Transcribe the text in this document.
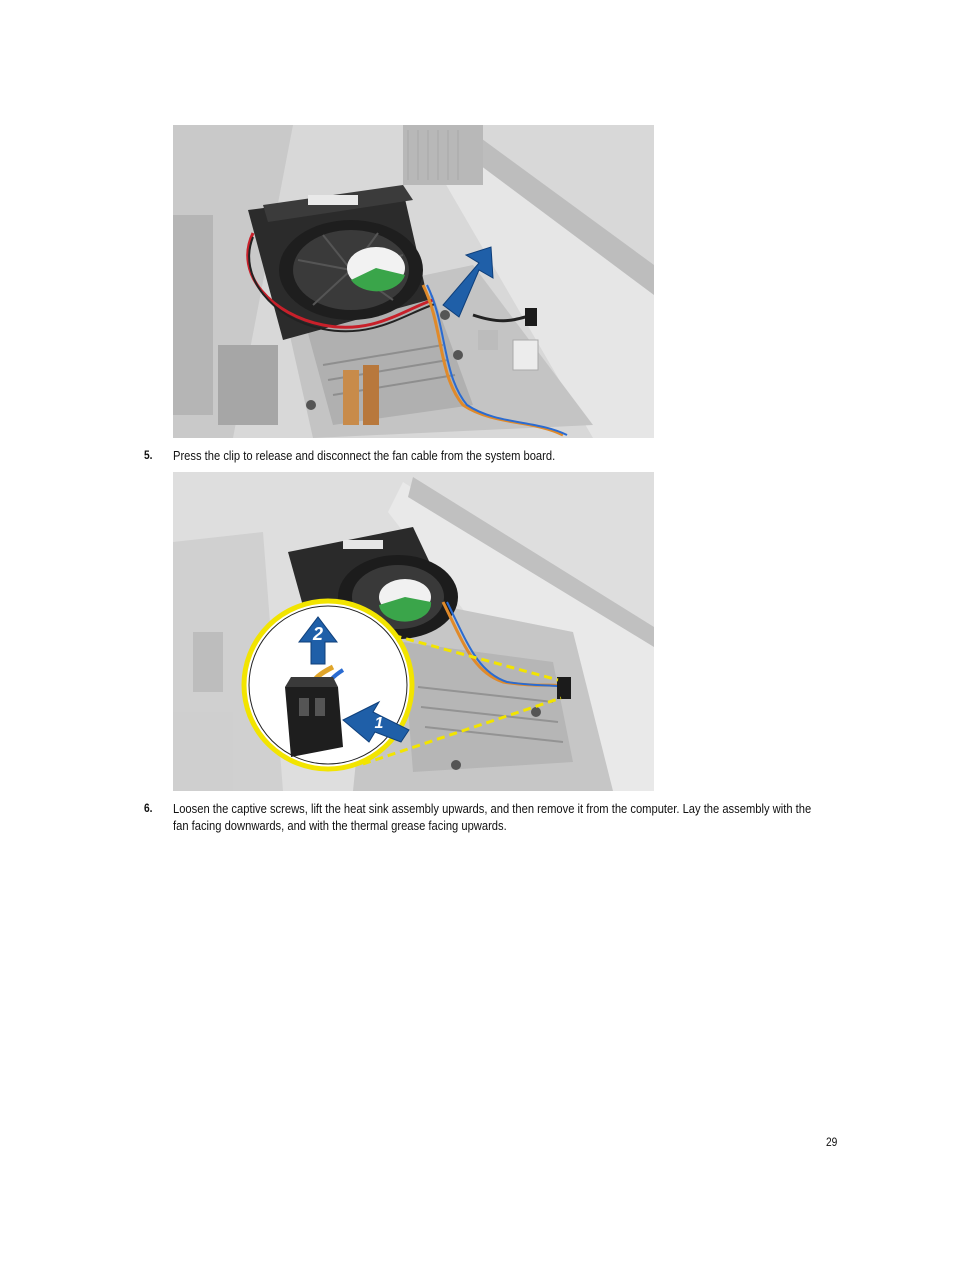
5. Press the clip to release and disconnect the fan cable from the system board.
2
1
6. Loosen the captive screws, lift the heat sink assembly upwards, and then remove it from the computer. Lay the assembly with the fan facing downwards, and with the thermal grease facing upwards.
29
